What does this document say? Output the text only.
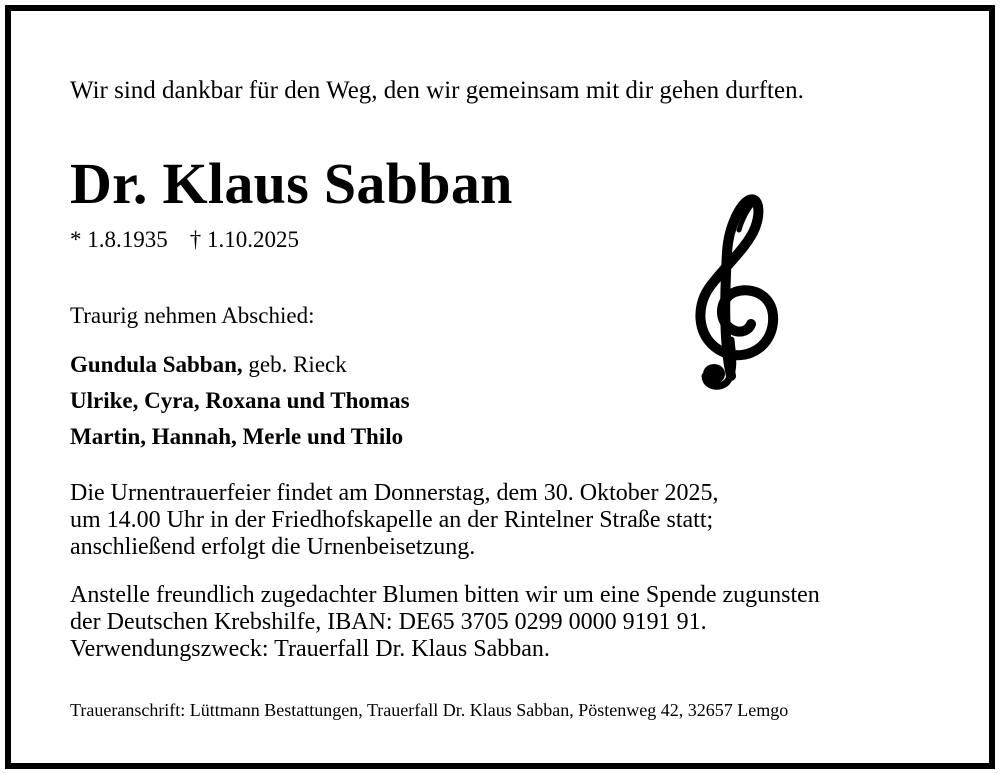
Wir sind dankbar für den Weg, den wir gemeinsam mit dir gehen durften.
Dr. Klaus Sabban
* 1.8.1935 † 1.10.2025
Traurig nehmen Abschied:
Gundula Sabban, geb. Rieck
Ulrike, Cyra, Roxana und Thomas
Martin, Hannah, Merle und Thilo
Die Urnentrauerfeier findet am Donnerstag, dem 30. Oktober 2025,
um 14.00 Uhr in der Friedhofskapelle an der Rintelner Straße statt;
anschließend erfolgt die Urnenbeisetzung.
Anstelle freundlich zugedachter Blumen bitten wir um eine Spende zugunsten
der Deutschen Krebshilfe, IBAN: DE65 3705 0299 0000 9191 91.
Verwendungszweck: Trauerfall Dr. Klaus Sabban.
Traueranschrift: Lüttmann Bestattungen, Trauerfall Dr. Klaus Sabban, Pöstenweg 42, 32657 Lemgo
